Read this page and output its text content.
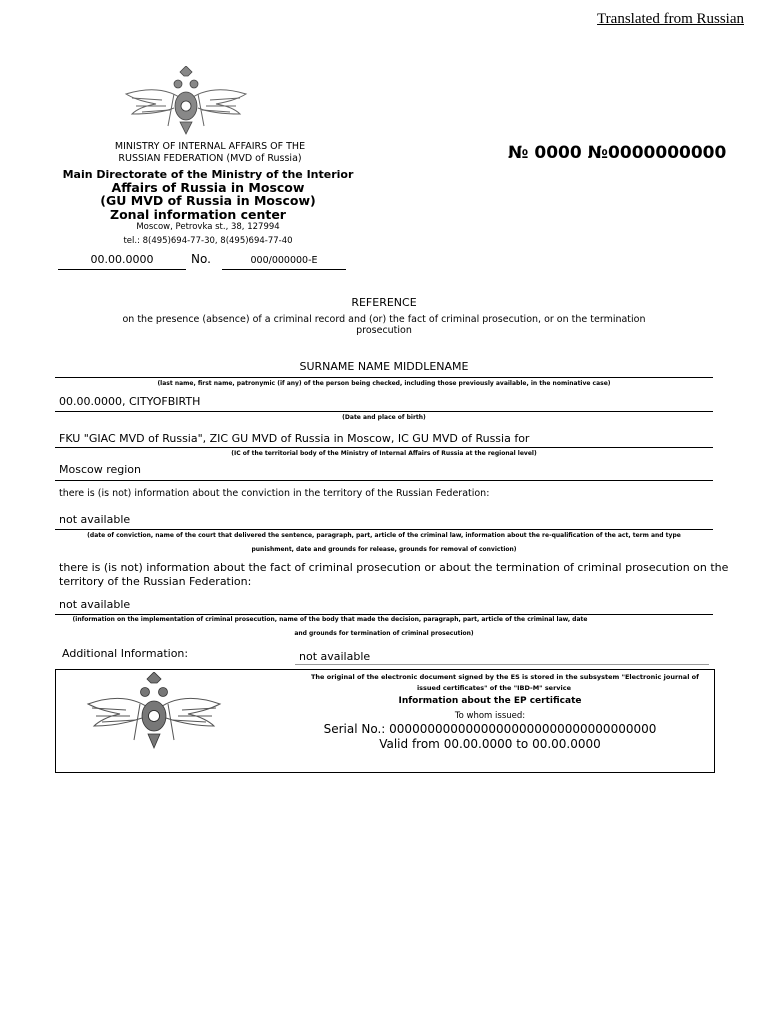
Translated from Russian
MINISTRY OF INTERNAL AFFAIRS OF THE
RUSSIAN FEDERATION (MVD of Russia)
Main Directorate of the Ministry of the Interior
Affairs of Russia in Moscow
(GU MVD of Russia in Moscow)
Zonal information center
Moscow, Petrovka st., 38, 127994
tel.: 8(495)694-77-30, 8(495)694-77-40
№ 0000 №0000000000
00.00.0000	No.	000/000000-E
REFERENCE
on the presence (absence) of a criminal record and (or) the fact of criminal prosecution, or on the termination
prosecution
SURNAME NAME MIDDLENAME
(last name, first name, patronymic (if any) of the person being checked, including those previously available, in the nominative case)
00.00.0000, CITYOFBIRTH
(Date and place of birth)
FKU "GIAC MVD of Russia", ZIC GU MVD of Russia in Moscow, IC GU MVD of Russia for
(IC of the territorial body of the Ministry of Internal Affairs of Russia at the regional level)
Moscow region
there is (is not) information about the conviction in the territory of the Russian Federation:
not available
(date of conviction, name of the court that delivered the sentence, paragraph, part, article of the criminal law, information about the re-qualification of the act, term and type
punishment, date and grounds for release, grounds for removal of conviction)
there is (is not) information about the fact of criminal prosecution or about the termination of criminal prosecution on the
territory of the Russian Federation:
not available
(information on the implementation of criminal prosecution, name of the body that made the decision, paragraph, part, article of the criminal law, date
and grounds for termination of criminal prosecution)
Additional Information:	not available
The original of the electronic document signed by the ES is stored in the subsystem "Electronic journal of
issued certificates" of the "IBD-M" service
Information about the EP certificate
To whom issued:
Serial No.: 00000000000000000000000000000000000
Valid from 00.00.0000 to 00.00.0000
